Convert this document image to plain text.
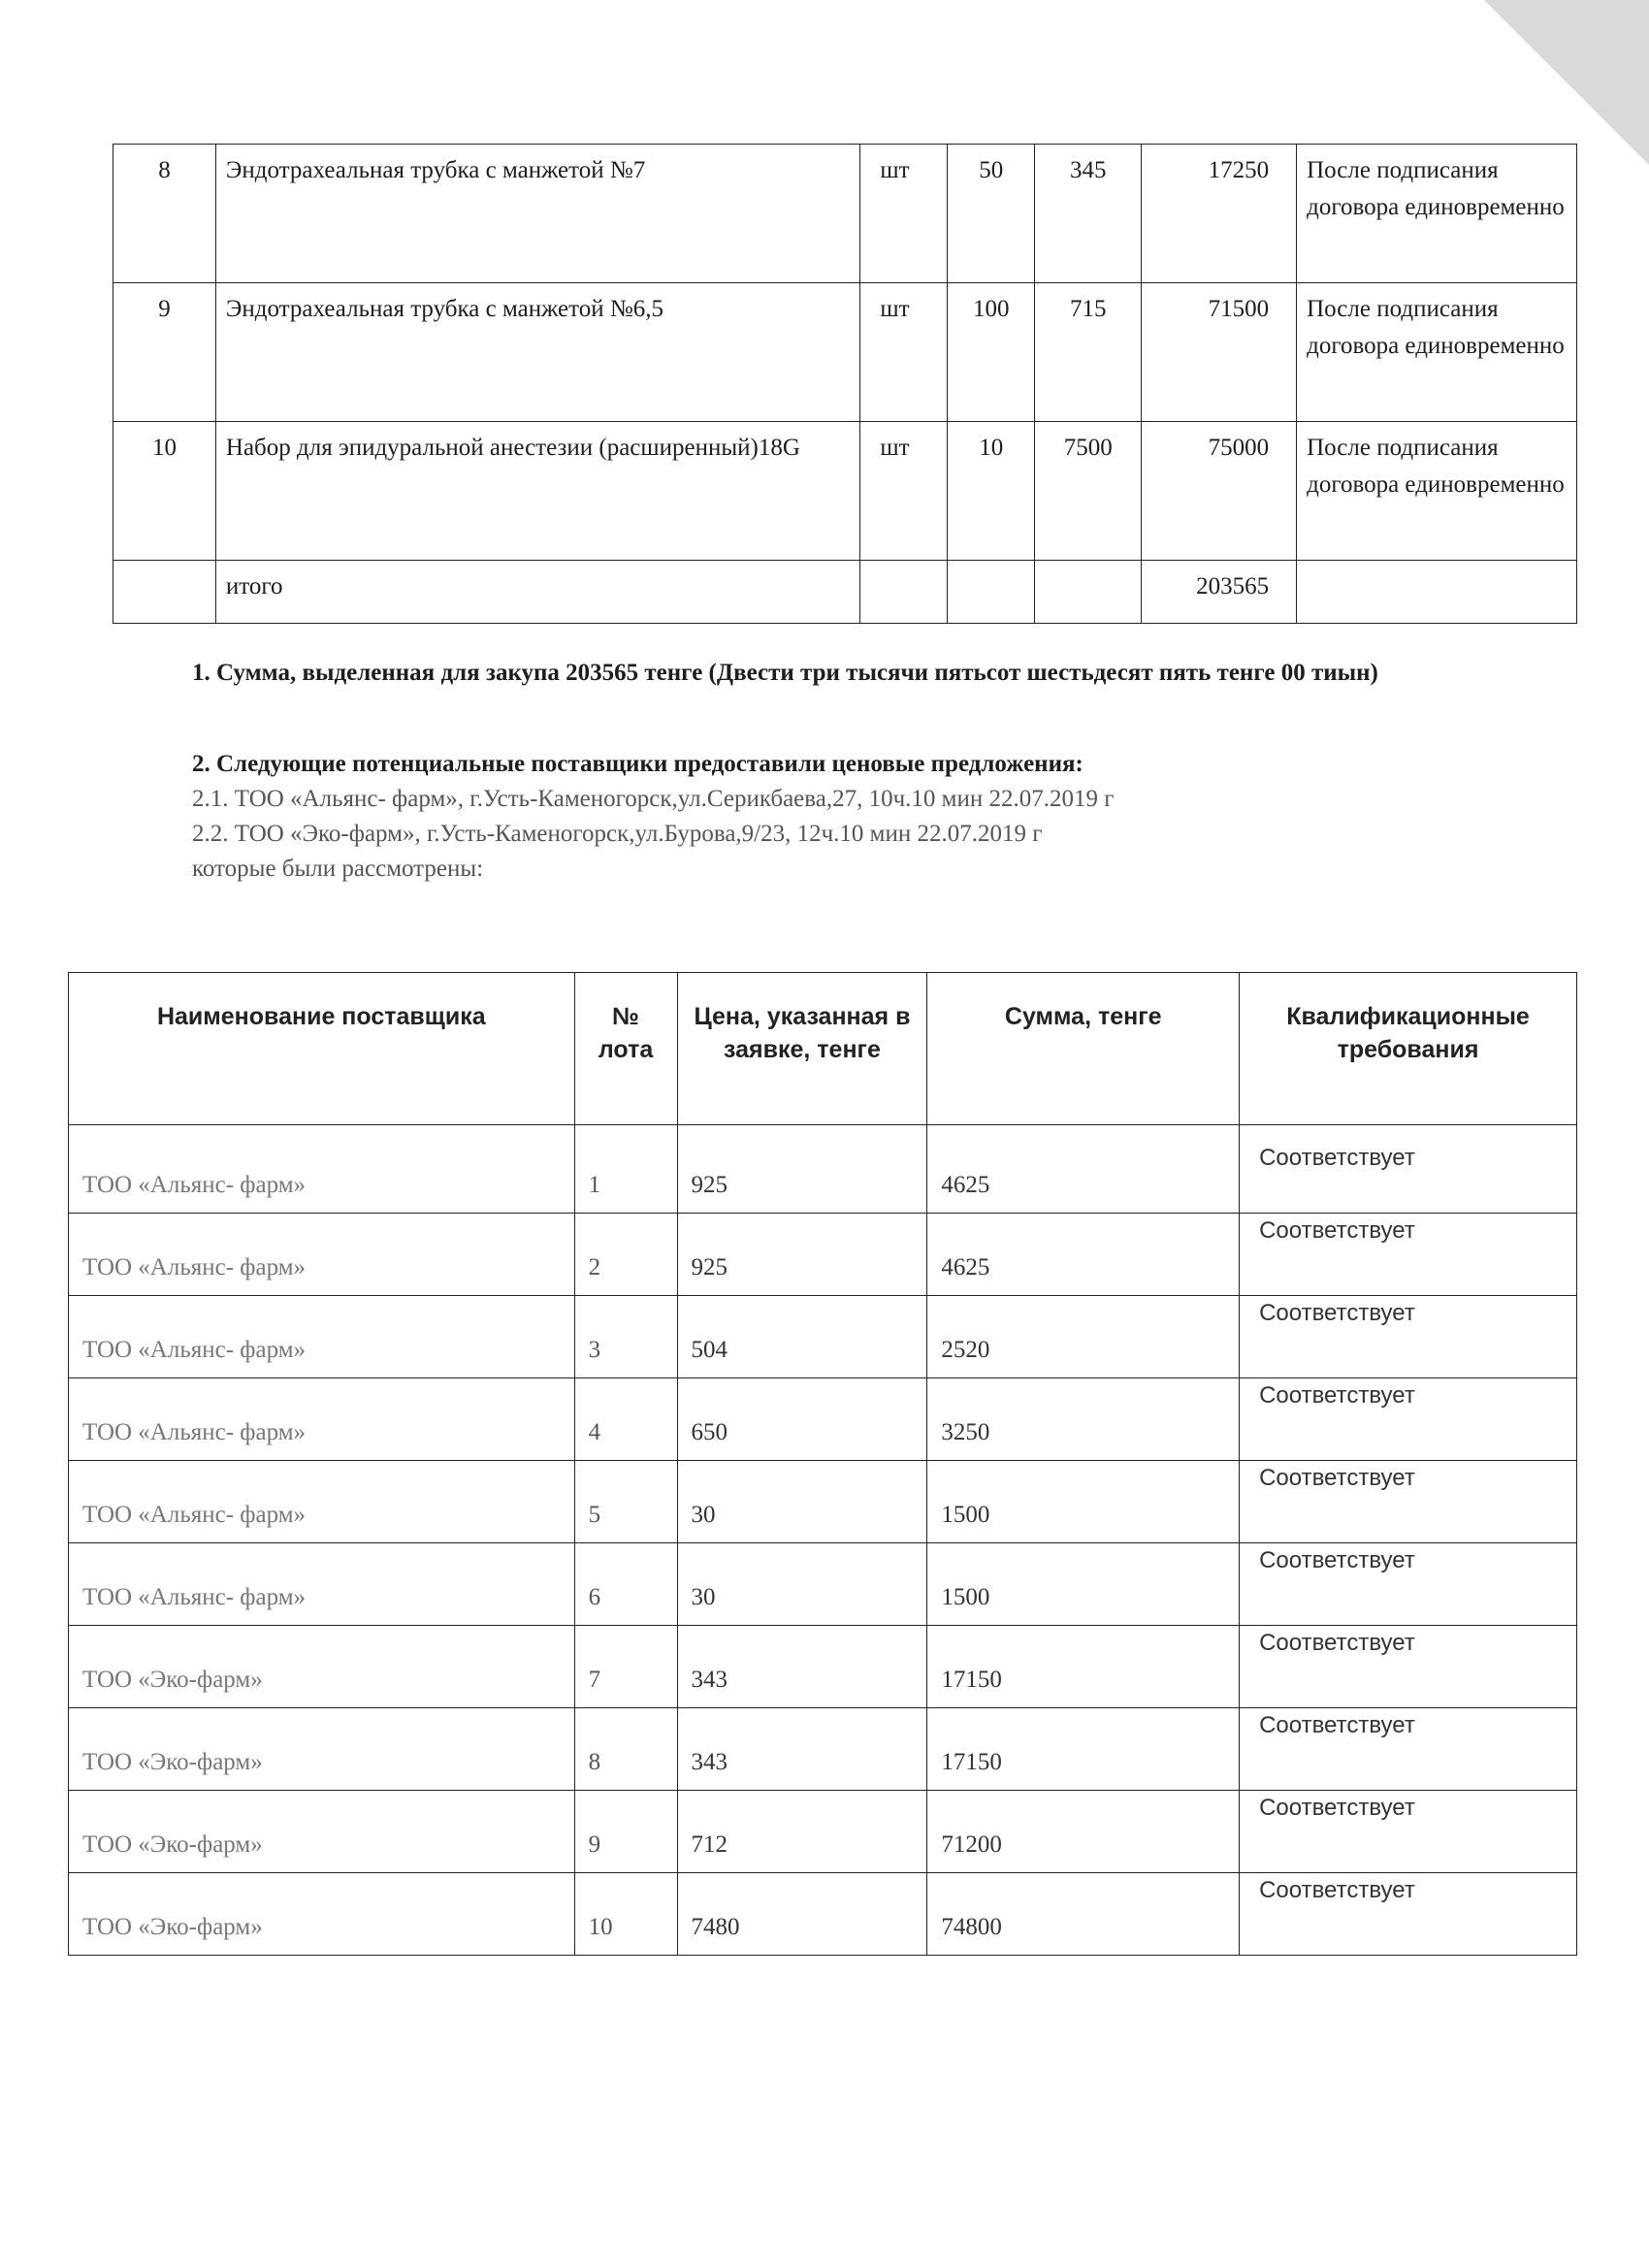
8	Эндотрахеальная трубка с манжетой №7	шт	50	345	17250	После подписания договора единовременно
9	Эндотрахеальная трубка с манжетой №6,5	шт	100	715	71500	После подписания договора единовременно
10	Набор для эпидуральной анестезии (расширенный)18G	шт	10	7500	75000	После подписания договора единовременно
	итого				203565	
1. Сумма, выделенная для закупа 203565 тенге (Двести три тысячи пятьсот шестьдесят пять тенге 00 тиын)
2. Следующие потенциальные поставщики предоставили ценовые предложения:
2.1. ТОО «Альянс- фарм», г.Усть-Каменогорск,ул.Серикбаева,27, 10ч.10 мин 22.07.2019 г
2.2. ТОО «Эко-фарм», г.Усть-Каменогорск,ул.Бурова,9/23, 12ч.10 мин 22.07.2019 г
которые были рассмотрены:
Наименование поставщика	№ лота	Цена, указанная в заявке, тенге	Сумма, тенге	Квалификационные требования
ТОО «Альянс- фарм»	1	925	4625	Соответствует
ТОО «Альянс- фарм»	2	925	4625	Соответствует
ТОО «Альянс- фарм»	3	504	2520	Соответствует
ТОО «Альянс- фарм»	4	650	3250	Соответствует
ТОО «Альянс- фарм»	5	30	1500	Соответствует
ТОО «Альянс- фарм»	6	30	1500	Соответствует
ТОО «Эко-фарм»	7	343	17150	Соответствует
ТОО «Эко-фарм»	8	343	17150	Соответствует
ТОО «Эко-фарм»	9	712	71200	Соответствует
ТОО «Эко-фарм»	10	7480	74800	Соответствует
